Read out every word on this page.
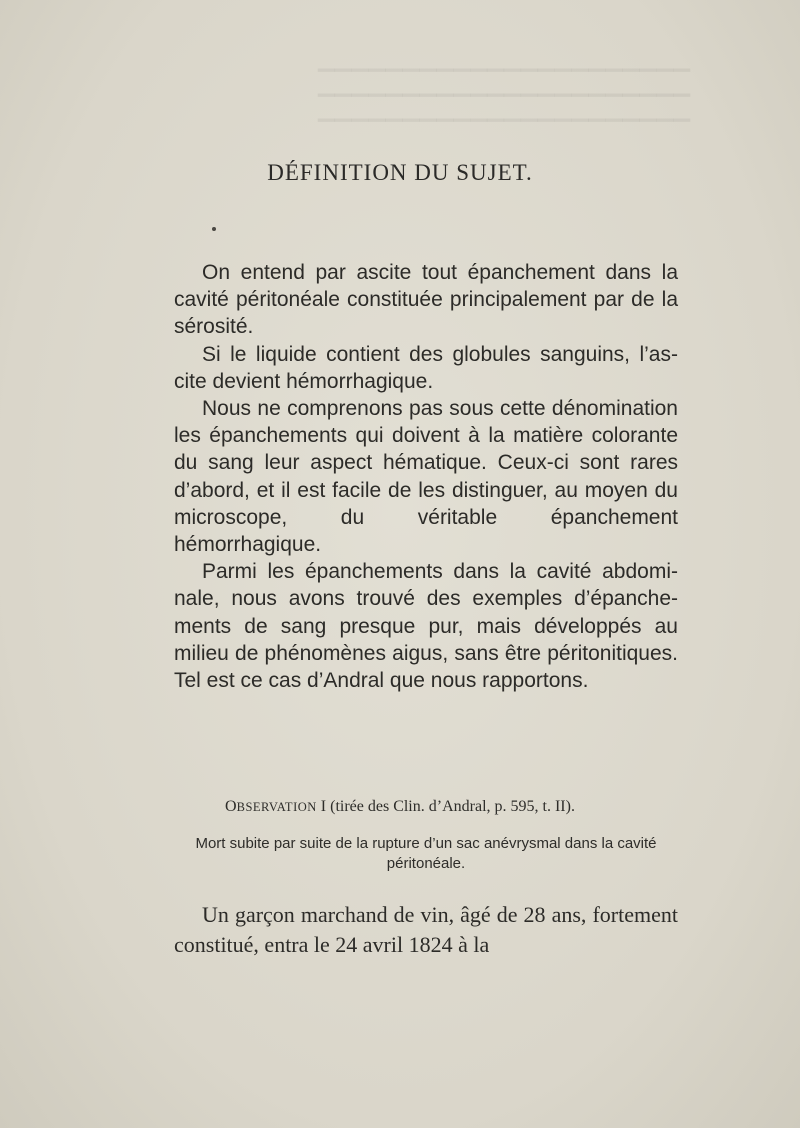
▔▔▔▔▔▔▔▔▔▔▔▔▔▔▔▔▔▔▔▔▔▔
▔▔▔▔▔▔▔▔▔▔▔▔▔▔▔▔▔▔▔▔▔▔
▔▔▔▔▔▔▔▔▔▔▔▔▔▔▔▔▔▔▔▔▔▔
DÉFINITION DU SUJET.

On entend par ascite tout épanchement dans la cavité péritonéale constituée principalement par de la sérosité.

Si le liquide contient des globules sanguins, l’ascite devient hémorrhagique.

Nous ne comprenons pas sous cette dénomination les épanchements qui doivent à la matière colorante du sang leur aspect hématique. Ceux-ci sont rares d’abord, et il est facile de les distinguer, au moyen du microscope, du véritable épanchement hémorrhagique.

Parmi les épanchements dans la cavité abdominale, nous avons trouvé des exemples d’épanchements de sang presque pur, mais développés au milieu de phénomènes aigus, sans être péritonitiques. Tel est ce cas d’Andral que nous rapportons.

OBSERVATION I (tirée des Clin. d’Andral, p. 595, t. II).
Mort subite par suite de la rupture d’un sac anévrysmal dans la cavité péritonéale.

Un garçon marchand de vin, âgé de 28 ans, fortement constitué, entra le 24 avril 1824 à la
